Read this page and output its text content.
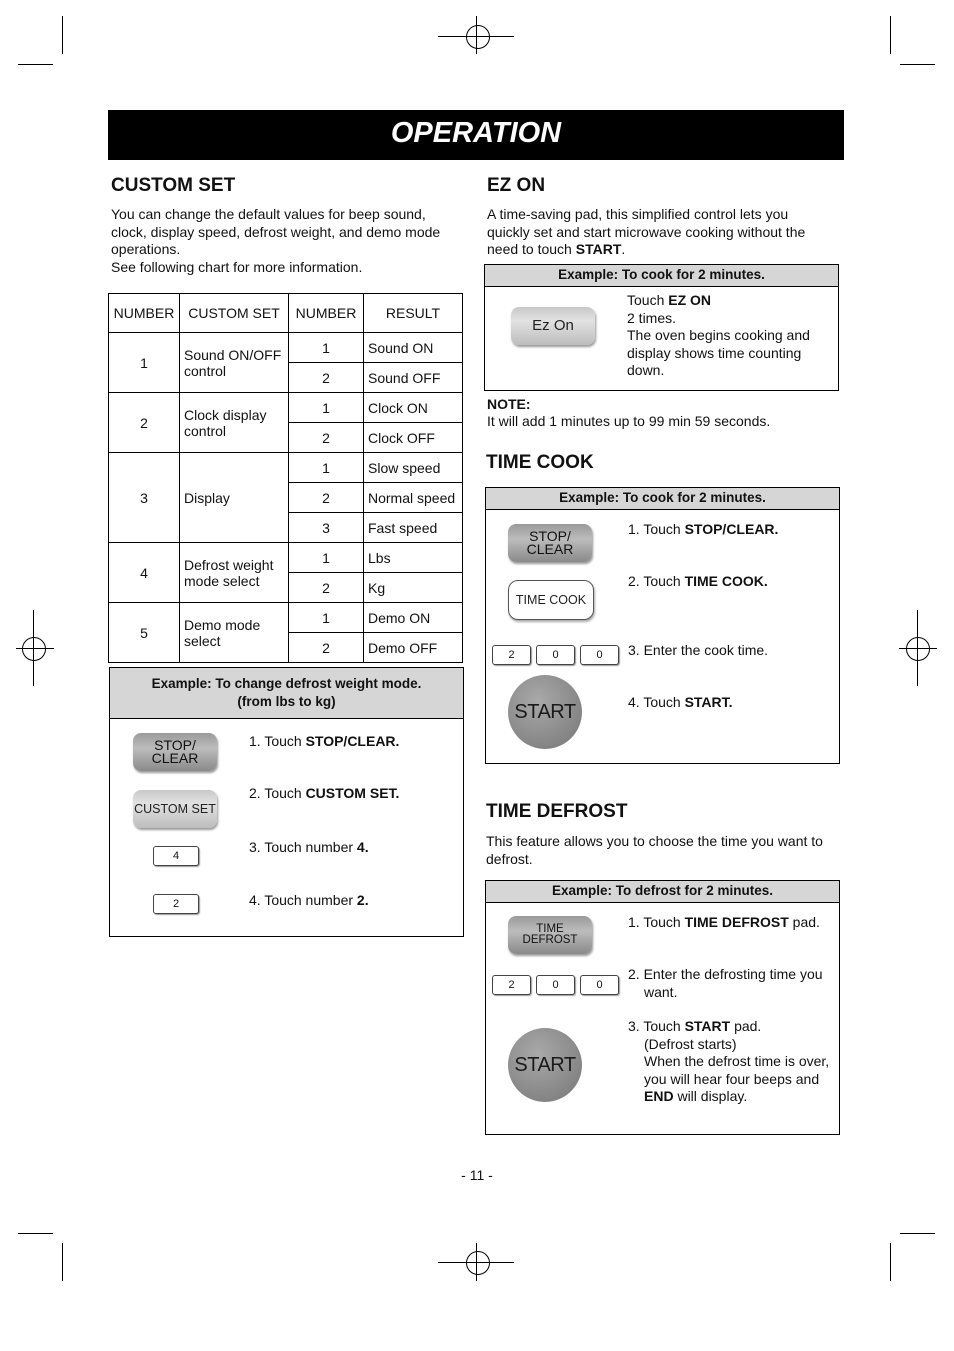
OPERATION
CUSTOM SET

You can change the default values for beep sound, clock, display speed, defrost weight, and demo mode operations.

See following chart for more information.

NUMBER	CUSTOM SET	NUMBER	RESULT
1	Sound ON/OFF control	1	Sound ON
		2	Sound OFF
2	Clock display control	1	Clock ON
		2	Clock OFF
3	Display	1	Slow speed
		2	Normal speed
		3	Fast speed
4	Defrost weight mode select	1	Lbs
		2	Kg
5	Demo mode select	1	Demo ON
		2	Demo OFF
Example: To change defrost weight mode.
(from lbs to kg)
STOP/ CLEAR
CUSTOM SET
4
2
1. Touch STOP/CLEAR.
2. Touch CUSTOM SET.
3. Touch number 4.
4. Touch number 2.
EZ ON

A time-saving pad, this simplified control lets you quickly set and start microwave cooking without the need to touch START.

Example: To cook for 2 minutes.
Ez On
Touch EZ ON
2 times.
The oven begins cooking and display shows time counting down.
NOTE:
It will add 1 minutes up to 99 min 59 seconds.
TIME COOK
Example: To cook for 2 minutes.
STOP/ CLEAR
TIME COOK
2	0	0
START
1. Touch STOP/CLEAR.
2. Touch TIME COOK.
3. Enter the cook time.
4. Touch START.
TIME DEFROST

This feature allows you to choose the time you want to defrost.

Example: To defrost for 2 minutes.
TIME DEFROST
2	0	0
START
1. Touch TIME DEFROST pad.
2. Enter the defrosting time you want.
3. Touch START pad.
(Defrost starts)
When the defrost time is over, you will hear four beeps and END will display.
- 11 -
